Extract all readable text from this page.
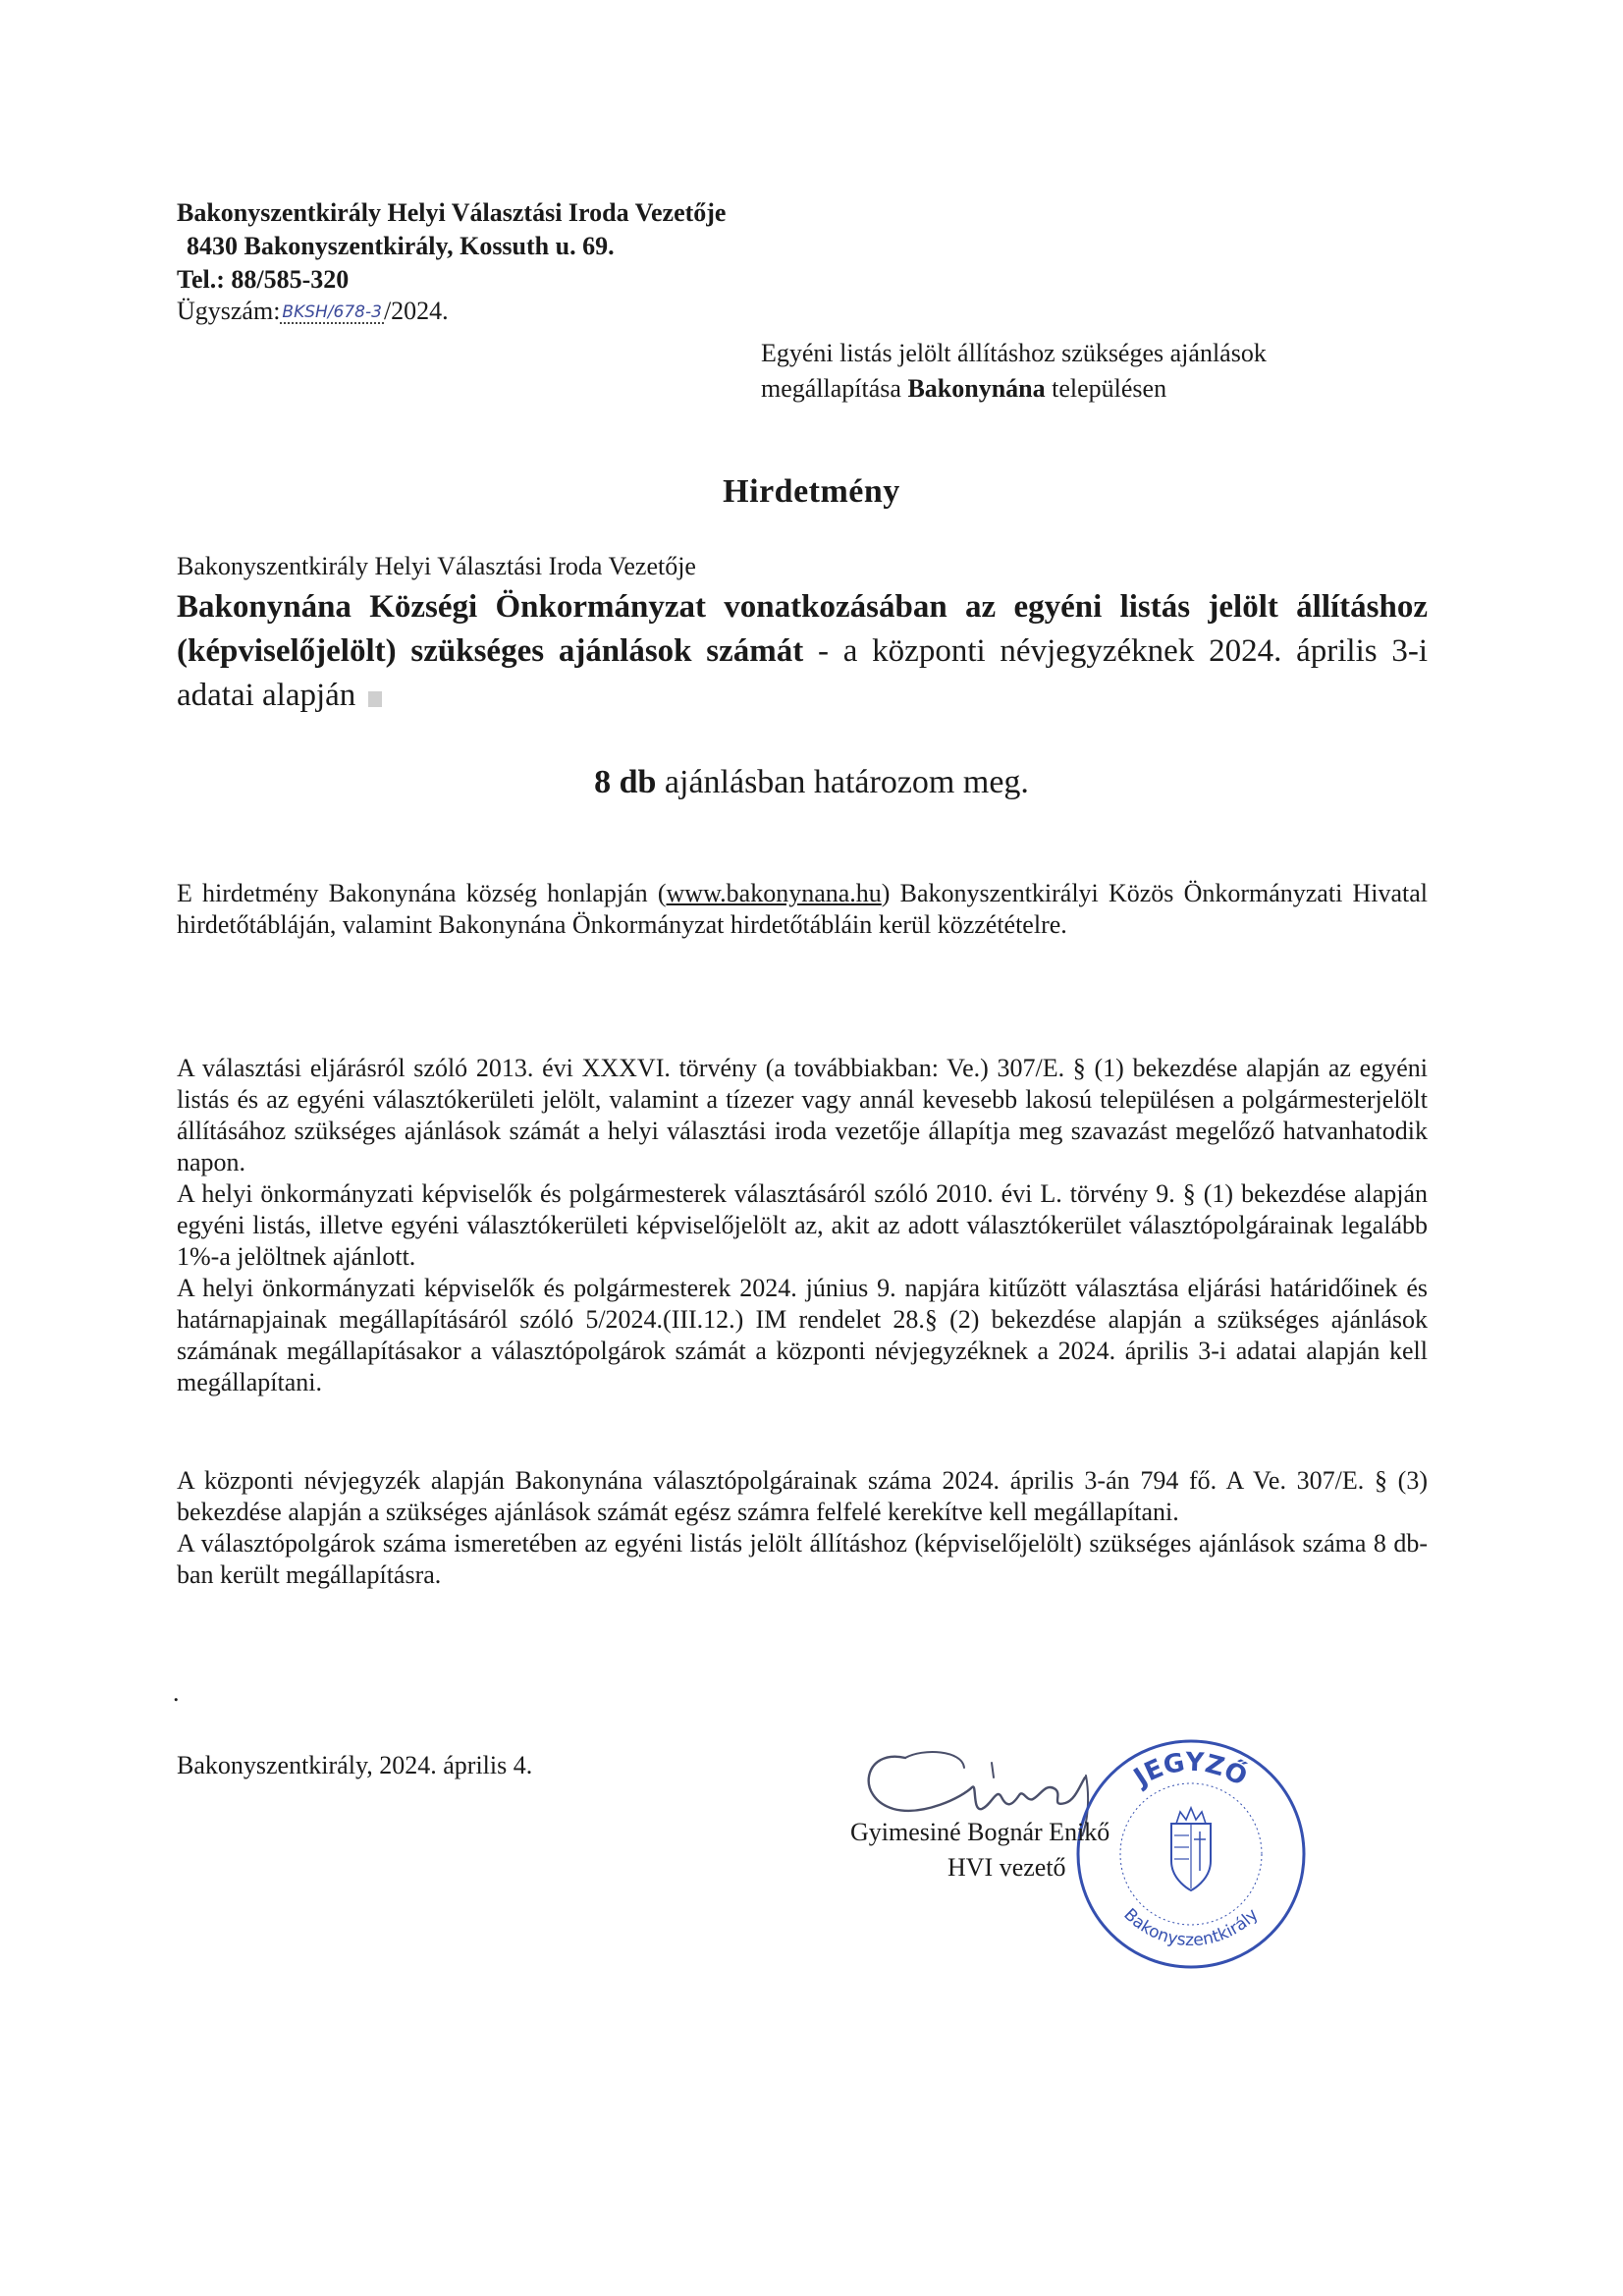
Bakonyszentkirály Helyi Választási Iroda Vezetője
8430 Bakonyszentkirály, Kossuth u. 69.
Tel.: 88/585-320
Ügyszám: BKSH/678-3/2024.
Egyéni listás jelölt állításhoz szükséges ajánlások
megállapítása Bakonynána településen
Hirdetmény
Bakonyszentkirály Helyi Választási Iroda Vezetője
Bakonynána Községi Önkormányzat vonatkozásában az egyéni listás jelölt állításhoz (képviselőjelölt) szükséges ajánlások számát - a központi névjegyzéknek 2024. április 3-i adatai alapján
8 db ajánlásban határozom meg.
E hirdetmény Bakonynána község honlapján (www.bakonynana.hu) Bakonyszentkirályi Közös Önkormányzati Hivatal hirdetőtábláján, valamint Bakonynána Önkormányzat hirdetőtábláin kerül közzétételre.
A választási eljárásról szóló 2013. évi XXXVI. törvény (a továbbiakban: Ve.) 307/E. § (1) bekezdése alapján az egyéni listás és az egyéni választókerületi jelölt, valamint a tízezer vagy annál kevesebb lakosú településen a polgármesterjelölt állításához szükséges ajánlások számát a helyi választási iroda vezetője állapítja meg szavazást megelőző hatvanhatodik napon.
A helyi önkormányzati képviselők és polgármesterek választásáról szóló 2010. évi L. törvény 9. § (1) bekezdése alapján egyéni listás, illetve egyéni választókerületi képviselőjelölt az, akit az adott választókerület választópolgárainak legalább 1%-a jelöltnek ajánlott.
A helyi önkormányzati képviselők és polgármesterek 2024. június 9. napjára kitűzött választása eljárási határidőinek és határnapjainak megállapításáról szóló 5/2024.(III.12.) IM rendelet 28.§ (2) bekezdése alapján a szükséges ajánlások számának megállapításakor a választópolgárok számát a központi névjegyzéknek a 2024. április 3-i adatai alapján kell megállapítani.
A központi névjegyzék alapján Bakonynána választópolgárainak száma 2024. április 3-án 794 fő. A Ve. 307/E. § (3) bekezdése alapján a szükséges ajánlások számát egész számra felfelé kerekítve kell megállapítani.
A választópolgárok száma ismeretében az egyéni listás jelölt állításhoz (képviselőjelölt) szükséges ajánlások száma 8 db-ban került megállapításra.
.
Bakonyszentkirály, 2024. április 4.	JEGYZŐ
Bakonyszentkirály
Gyimesiné Bognár Enikő
HVI vezető
